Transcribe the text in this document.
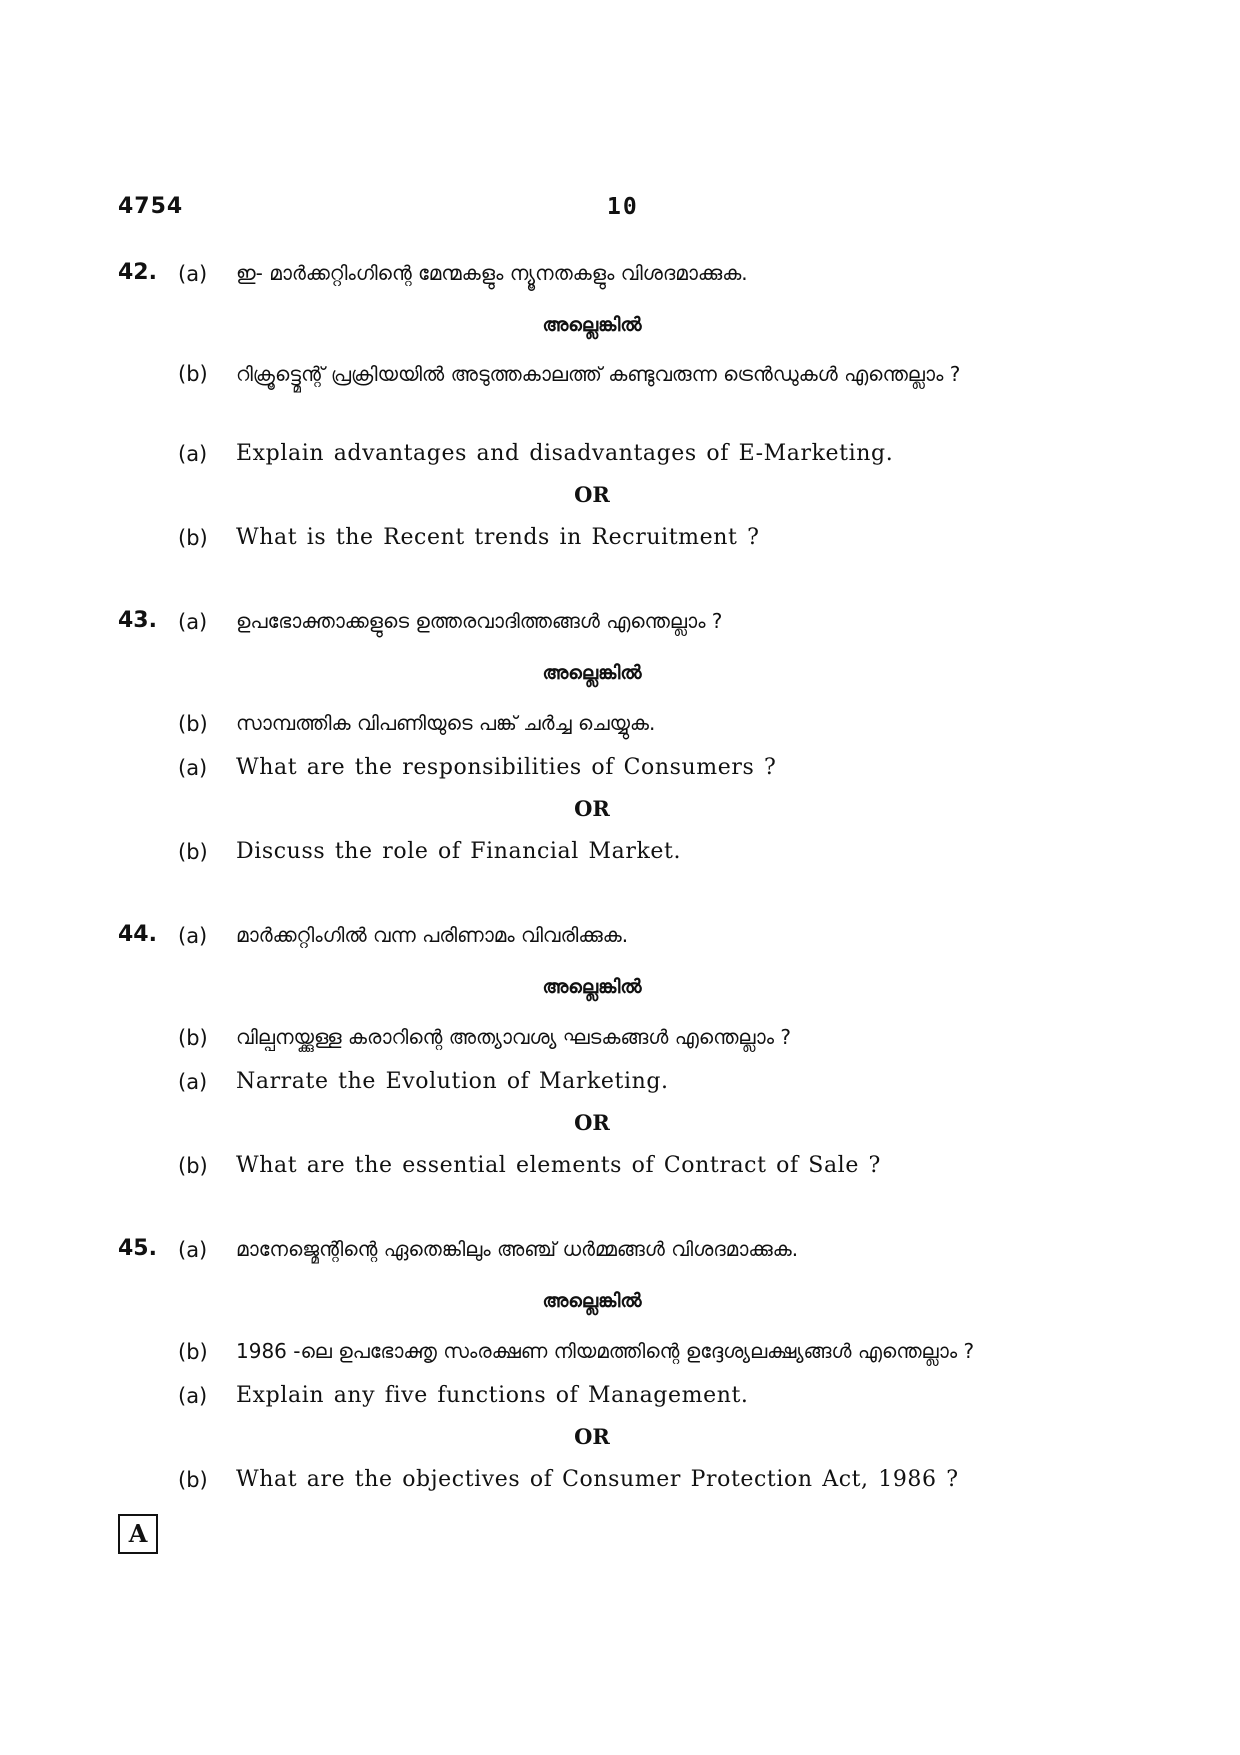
4754	10
42. (a) ഇ- മാർക്കറ്റിംഗിന്റെ മേന്മകളും ന്യൂനതകളും വിശദമാക്കുക.
അല്ലെങ്കിൽ
(b) റിക്രൂട്ട്മെന്റ് പ്രക്രിയയിൽ അടുത്തകാലത്ത് കണ്ടുവരുന്ന ട്രെൻഡുകൾ എന്തെല്ലാം ?
(a) Explain advantages and disadvantages of E-Marketing.
OR
(b) What is the Recent trends in Recruitment ?
43. (a) ഉപഭോക്താക്കളുടെ ഉത്തരവാദിത്തങ്ങൾ എന്തെല്ലാം ?
അല്ലെങ്കിൽ
(b) സാമ്പത്തിക വിപണിയുടെ പങ്ക് ചർച്ച ചെയ്യുക.
(a) What are the responsibilities of Consumers ?
OR
(b) Discuss the role of Financial Market.
44. (a) മാർക്കറ്റിംഗിൽ വന്ന പരിണാമം വിവരിക്കുക.
അല്ലെങ്കിൽ
(b) വില്പനയ്ക്കുള്ള കരാറിന്റെ അത്യാവശ്യ ഘടകങ്ങൾ എന്തെല്ലാം ?
(a) Narrate the Evolution of Marketing.
OR
(b) What are the essential elements of Contract of Sale ?
45. (a) മാനേജ്മെന്റിന്റെ ഏതെങ്കിലും അഞ്ച് ധർമ്മങ്ങൾ വിശദമാക്കുക.
അല്ലെങ്കിൽ
(b) 1986 -ലെ ഉപഭോക്തൃ സംരക്ഷണ നിയമത്തിന്റെ ഉദ്ദേശ്യലക്ഷ്യങ്ങൾ എന്തെല്ലാം ?
(a) Explain any five functions of Management.
OR
(b) What are the objectives of Consumer Protection Act, 1986 ?
A
